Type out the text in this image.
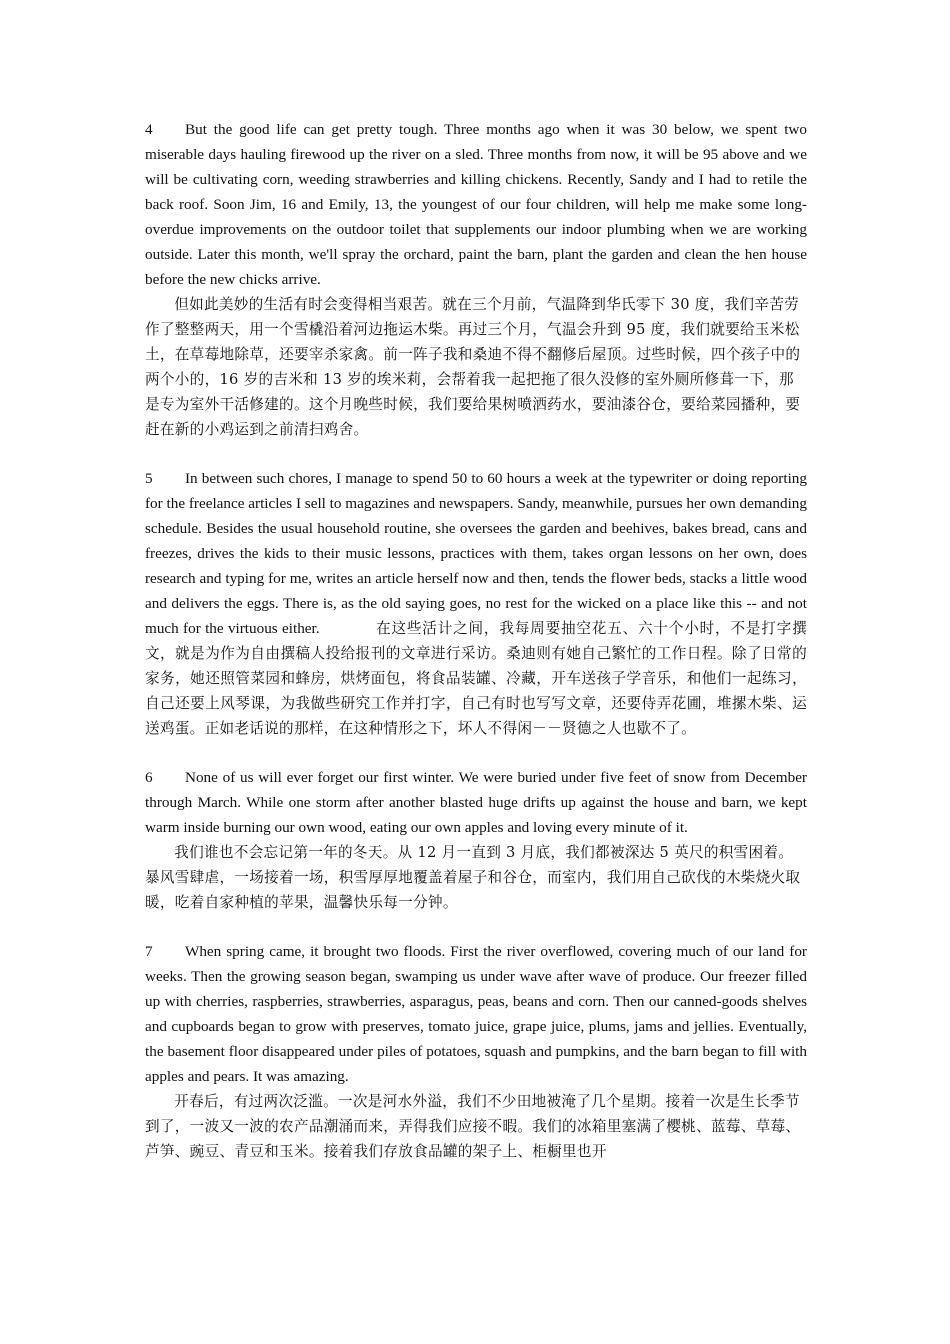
4 But the good life can get pretty tough. Three months ago when it was 30 below, we spent two miserable days hauling firewood up the river on a sled. Three months from now, it will be 95 above and we will be cultivating corn, weeding strawberries and killing chickens. Recently, Sandy and I had to retile the back roof. Soon Jim, 16 and Emily, 13, the youngest of our four children, will help me make some long-overdue improvements on the outdoor toilet that supplements our indoor plumbing when we are working outside. Later this month, we'll spray the orchard, paint the barn, plant the garden and clean the hen house before the new chicks arrive.

但如此美妙的生活有时会变得相当艰苦。就在三个月前，气温降到华氏零下 30 度，我们辛苦劳作了整整两天，用一个雪橇沿着河边拖运木柴。再过三个月，气温会升到 95 度，我们就要给玉米松土，在草莓地除草，还要宰杀家禽。前一阵子我和桑迪不得不翻修后屋顶。过些时候，四个孩子中的两个小的，16 岁的吉米和 13 岁的埃米莉，会帮着我一起把拖了很久没修的室外厕所修葺一下，那是专为室外干活修建的。这个月晚些时候，我们要给果树喷洒药水，要油漆谷仓，要给菜园播种，要赶在新的小鸡运到之前清扫鸡舍。

5 In between such chores, I manage to spend 50 to 60 hours a week at the typewriter or doing reporting for the freelance articles I sell to magazines and newspapers. Sandy, meanwhile, pursues her own demanding schedule. Besides the usual household routine, she oversees the garden and beehives, bakes bread, cans and freezes, drives the kids to their music lessons, practices with them, takes organ lessons on her own, does research and typing for me, writes an article herself now and then, tends the flower beds, stacks a little wood and delivers the eggs. There is, as the old saying goes, no rest for the wicked on a place like this -- and not much for the virtuous either.	在这些活计之间，我每周要抽空花五、六十个小时，不是打字撰文，就是为作为自由撰稿人投给报刊的文章进行采访。桑迪则有她自己繁忙的工作日程。除了日常的家务，她还照管菜园和蜂房，烘烤面包，将食品装罐、冷藏，开车送孩子学音乐，和他们一起练习，自己还要上风琴课，为我做些研究工作并打字，自己有时也写写文章，还要侍弄花圃，堆摞木柴、运送鸡蛋。正如老话说的那样，在这种情形之下，坏人不得闲－－贤德之人也歇不了。

6 None of us will ever forget our first winter. We were buried under five feet of snow from December through March. While one storm after another blasted huge drifts up against the house and barn, we kept warm inside burning our own wood, eating our own apples and loving every minute of it.

我们谁也不会忘记第一年的冬天。从 12 月一直到 3 月底，我们都被深达 5 英尺的积雪困着。暴风雪肆虐，一场接着一场，积雪厚厚地覆盖着屋子和谷仓，而室内，我们用自己砍伐的木柴烧火取暖，吃着自家种植的苹果，温馨快乐每一分钟。

7 When spring came, it brought two floods. First the river overflowed, covering much of our land for weeks. Then the growing season began, swamping us under wave after wave of produce. Our freezer filled up with cherries, raspberries, strawberries, asparagus, peas, beans and corn. Then our canned-goods shelves and cupboards began to grow with preserves, tomato juice, grape juice, plums, jams and jellies. Eventually, the basement floor disappeared under piles of potatoes, squash and pumpkins, and the barn began to fill with apples and pears. It was amazing.

开春后，有过两次泛滥。一次是河水外溢，我们不少田地被淹了几个星期。接着一次是生长季节到了，一波又一波的农产品潮涌而来，弄得我们应接不暇。我们的冰箱里塞满了樱桃、蓝莓、草莓、芦笋、豌豆、青豆和玉米。接着我们存放食品罐的架子上、柜橱里也开
